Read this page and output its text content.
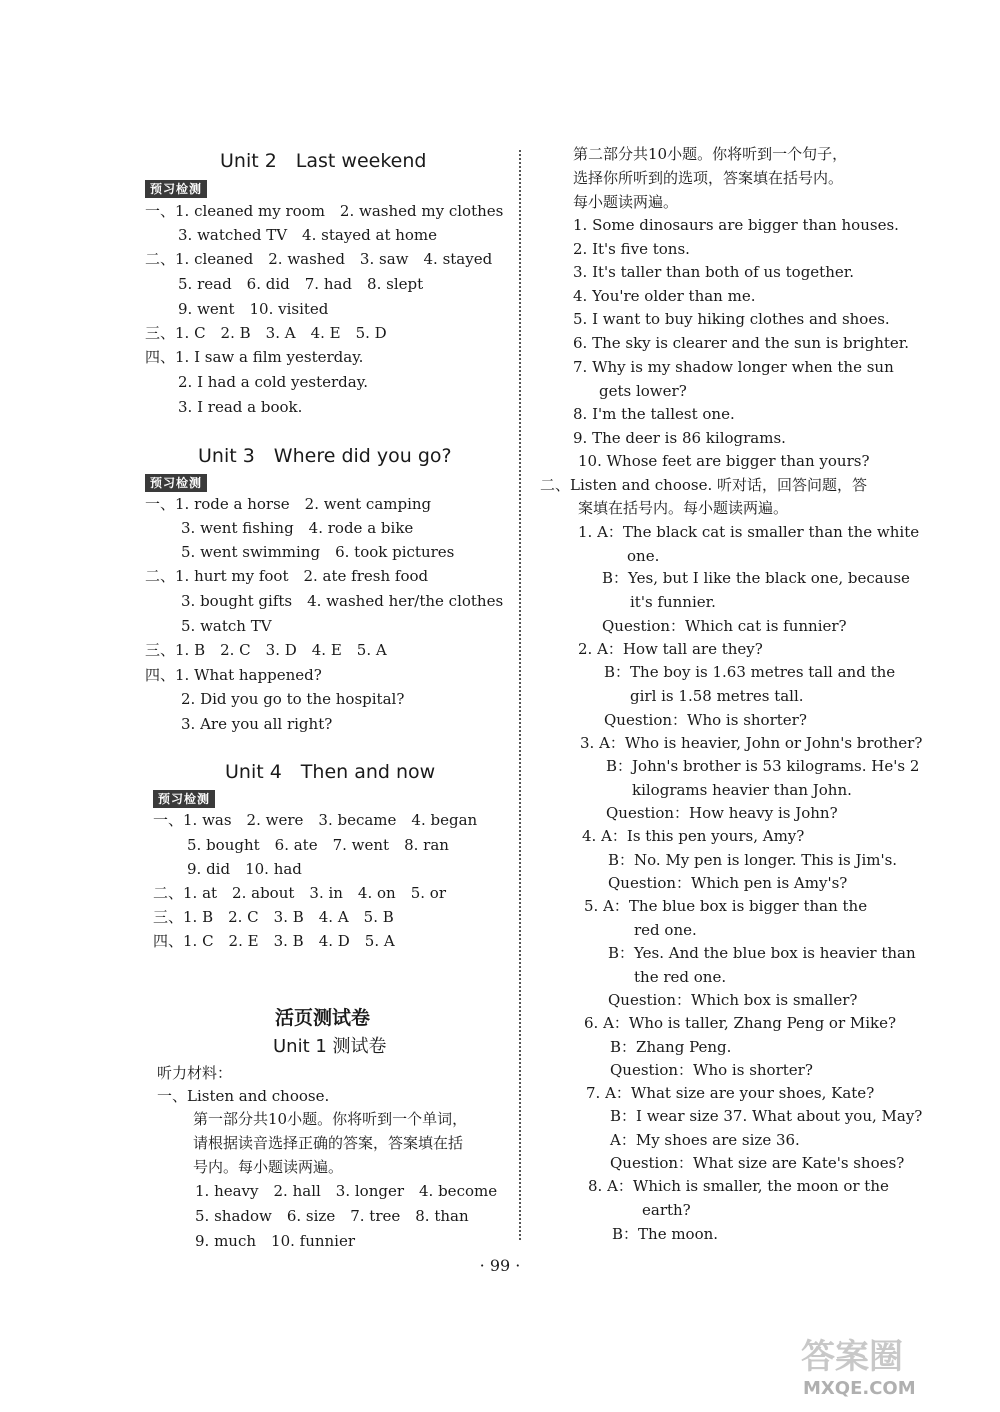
Unit 2　Last weekend
预习检测
一、1. cleaned my room　2. washed my clothes
3. watched TV　4. stayed at home
二、1. cleaned　2. washed　3. saw　4. stayed
5. read　6. did　7. had　8. slept
9. went　10. visited
三、1. C　2. B　3. A　4. E　5. D
四、1. I saw a film yesterday.
2. I had a cold yesterday.
3. I read a book.
Unit 3　Where did you go?
预习检测
一、1. rode a horse　2. went camping
3. went fishing　4. rode a bike
5. went swimming　6. took pictures
二、1. hurt my foot　2. ate fresh food
3. bought gifts　4. washed her/the clothes
5. watch TV
三、1. B　2. C　3. D　4. E　5. A
四、1. What happened?
2. Did you go to the hospital?
3. Are you all right?
Unit 4　Then and now
预习检测
一、1. was　2. were　3. became　4. began
5. bought　6. ate　7. went　8. ran
9. did　10. had
二、1. at　2. about　3. in　4. on　5. or
三、1. B　2. C　3. B　4. A　5. B
四、1. C　2. E　3. B　4. D　5. A
活页测试卷
Unit 1 测试卷
听力材料：
一、Listen and choose.
第一部分共10小题。你将听到一个单词，
请根据读音选择正确的答案，答案填在括
号内。每小题读两遍。
1. heavy　2. hall　3. longer　4. become
5. shadow　6. size　7. tree　8. than
9. much　10. funnier
第二部分共10小题。你将听到一个句子，
选择你所听到的选项，答案填在括号内。
每小题读两遍。
1. Some dinosaurs are bigger than houses.
2. It's five tons.
3. It's taller than both of us together.
4. You're older than me.
5. I want to buy hiking clothes and shoes.
6. The sky is clearer and the sun is brighter.
7. Why is my shadow longer when the sun
gets lower?
8. I'm the tallest one.
9. The deer is 86 kilograms.
10. Whose feet are bigger than yours?
二、Listen and choose. 听对话，回答问题，答
案填在括号内。每小题读两遍。
1. A：The black cat is smaller than the white
one.
B：Yes, but I like the black one, because
it's funnier.
Question：Which cat is funnier?
2. A：How tall are they?
B：The boy is 1.63 metres tall and the
girl is 1.58 metres tall.
Question：Who is shorter?
3. A：Who is heavier, John or John's brother?
B：John's brother is 53 kilograms. He's 2
kilograms heavier than John.
Question：How heavy is John?
4. A：Is this pen yours, Amy?
B：No. My pen is longer. This is Jim's.
Question：Which pen is Amy's?
5. A：The blue box is bigger than the
red one.
B：Yes. And the blue box is heavier than
the red one.
Question：Which box is smaller?
6. A：Who is taller, Zhang Peng or Mike?
B：Zhang Peng.
Question：Who is shorter?
7. A：What size are your shoes, Kate?
B：I wear size 37. What about you, May?
A：My shoes are size 36.
Question：What size are Kate's shoes?
8. A：Which is smaller, the moon or the
earth?
B：The moon.
· 99 ·
答案圈
MXQE.COM
